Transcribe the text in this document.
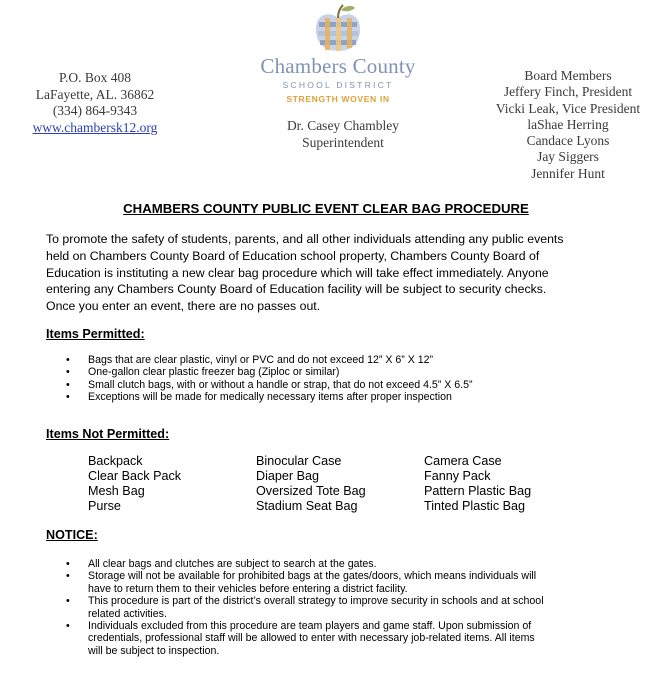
P.O. Box 408
LaFayette, AL. 36862
(334) 864-9343
www.chambersk12.org
Chambers County
SCHOOL DISTRICT
STRENGTH WOVEN IN
Dr. Casey Chambley
Superintendent
Board Members
Jeffery Finch, President
Vicki Leak, Vice President
laShae Herring
Candace Lyons
Jay Siggers
Jennifer Hunt
CHAMBERS COUNTY PUBLIC EVENT CLEAR BAG PROCEDURE
To promote the safety of students, parents, and all other individuals attending any public events
held on Chambers County Board of Education school property, Chambers County Board of
Education is instituting a new clear bag procedure which will take effect immediately. Anyone
entering any Chambers County Board of Education facility will be subject to security checks.
Once you enter an event, there are no passes out.
Items Permitted:
• Bags that are clear plastic, vinyl or PVC and do not exceed 12” X 6” X 12”
• One-gallon clear plastic freezer bag (Ziploc or similar)
• Small clutch bags, with or without a handle or strap, that do not exceed 4.5” X 6.5”
• Exceptions will be made for medically necessary items after proper inspection
Items Not Permitted:
Backpack
Clear Back Pack
Mesh Bag
Purse
Binocular Case
Diaper Bag
Oversized Tote Bag
Stadium Seat Bag
Camera Case
Fanny Pack
Pattern Plastic Bag
Tinted Plastic Bag
NOTICE:
• All clear bags and clutches are subject to search at the gates.
• Storage will not be available for prohibited bags at the gates/doors, which means individuals will
have to return them to their vehicles before entering a district facility.
• This procedure is part of the district’s overall strategy to improve security in schools and at school
related activities.
• Individuals excluded from this procedure are team players and game staff. Upon submission of
credentials, professional staff will be allowed to enter with necessary job-related items. All items
will be subject to inspection.
